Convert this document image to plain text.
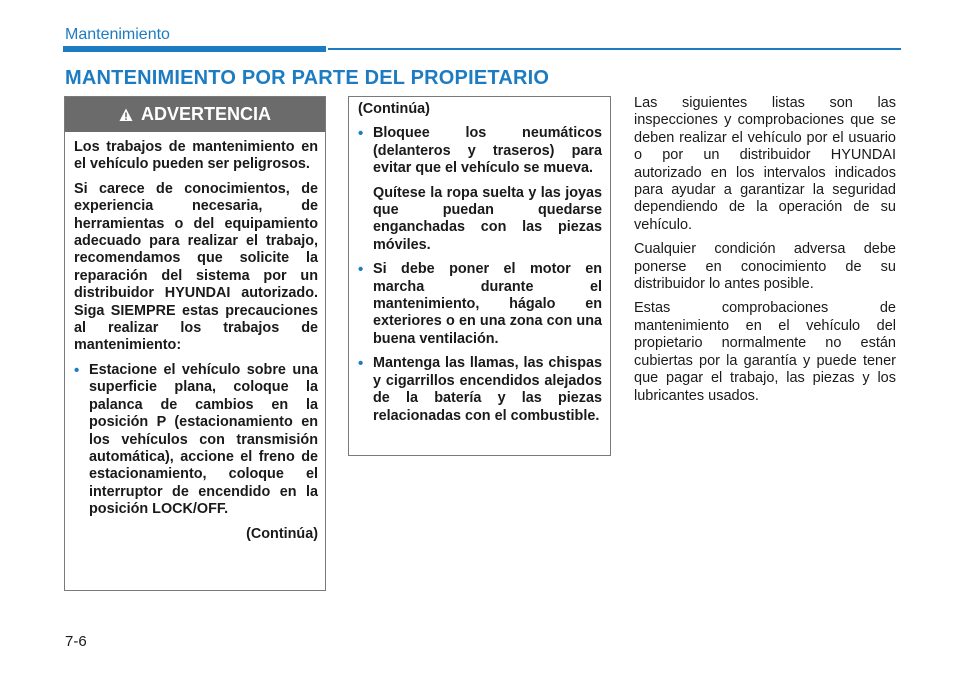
Mantenimiento
MANTENIMIENTO POR PARTE DEL PROPIETARIO
ADVERTENCIA

Los trabajos de mantenimiento en el vehículo pueden ser peligrosos.

Si carece de conocimientos, de experiencia necesaria, de herramientas o del equipamiento adecuado para realizar el trabajo, recomendamos que solicite la reparación del sistema por un distribuidor HYUNDAI autorizado. Siga SIEMPRE estas precauciones al realizar los trabajos de mantenimiento:

• Estacione el vehículo sobre una superficie plana, coloque la palanca de cambios en la posición P (estacionamiento en los vehículos con transmisión automática), accione el freno de estacionamiento, coloque el interruptor de encendido en la posición LOCK/OFF.
(Continúa)

(Continúa)

• Bloquee los neumáticos (delanteros y traseros) para evitar que el vehículo se mueva.

Quítese la ropa suelta y las joyas que puedan quedarse enganchadas con las piezas móviles.

• Si debe poner el motor en marcha durante el mantenimiento, hágalo en exteriores o en una zona con una buena ventilación.
• Mantenga las llamas, las chispas y cigarrillos encendidos alejados de la batería y las piezas relacionadas con el combustible.

Las siguientes listas son las inspecciones y comprobaciones que se deben realizar el vehículo por el usuario o por un distribuidor HYUNDAI autorizado en los intervalos indicados para ayudar a garantizar la seguridad dependiendo de la operación de su vehículo.

Cualquier condición adversa debe ponerse en conocimiento de su distribuidor lo antes posible.

Estas comprobaciones de mantenimiento en el vehículo del propietario normalmente no están cubiertas por la garantía y puede tener que pagar el trabajo, las piezas y los lubricantes usados.

7-6
